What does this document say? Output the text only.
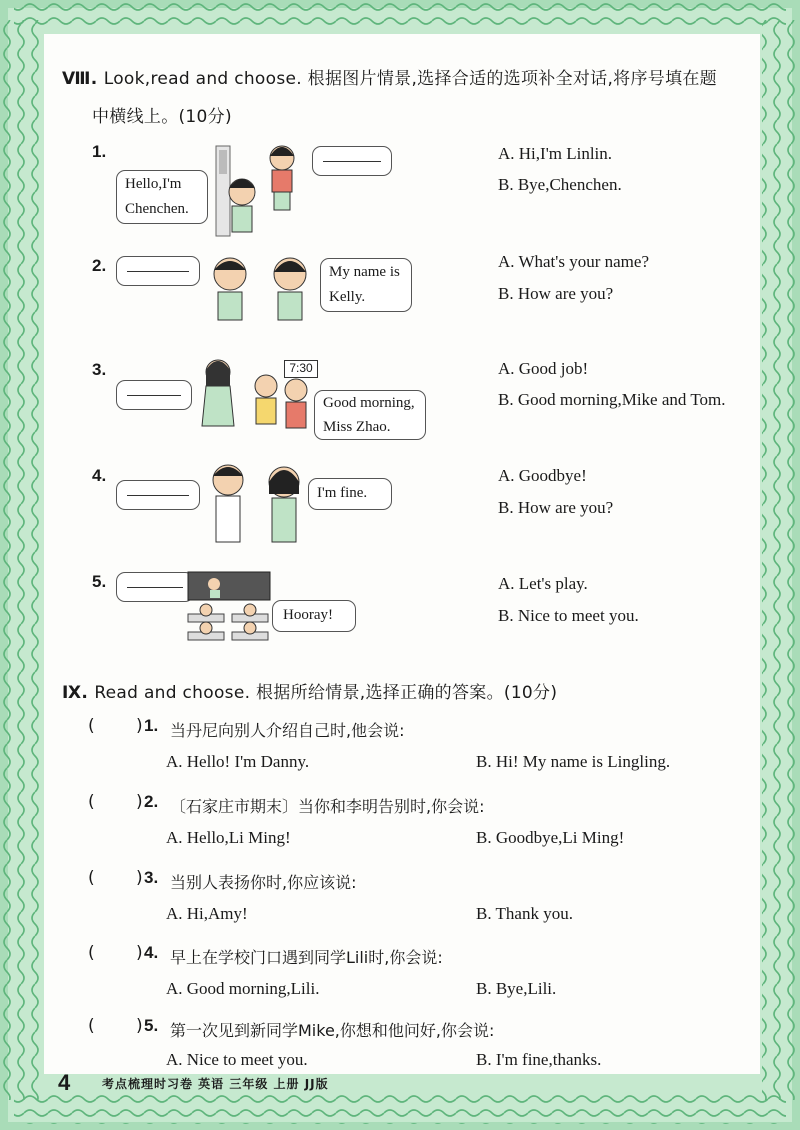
Ⅷ. Look,read and choose. 根据图片情景,选择合适的选项补全对话,将序号填在题
中横线上。(10分)
1.
Hello,I'm
Chenchen.
A. Hi,I'm Linlin.
B. Bye,Chenchen.
2.	My name is
Kelly.
A. What's your name?
B. How are you?
3.	7:30
Good morning,
Miss Zhao.
A. Good job!
B. Good morning,Mike and Tom.
4.
I'm fine.
A. Goodbye!
B. How are you?
5.
Hooray!
A. Let's play.
B. Nice to meet you.
Ⅸ. Read and choose. 根据所给情景,选择正确的答案。(10分)
( ) 1. 当丹尼向别人介绍自己时,他会说:
A. Hello! I'm Danny.	B. Hi! My name is Lingling.
( ) 2. 〔石家庄市期末〕当你和李明告别时,你会说:
A. Hello,Li Ming!	B. Goodbye,Li Ming!
( ) 3. 当别人表扬你时,你应该说:
A. Hi,Amy!	B. Thank you.
( ) 4. 早上在学校门口遇到同学Lili时,你会说:
A. Good morning,Lili.	B. Bye,Lili.
( ) 5. 第一次见到新同学Mike,你想和他问好,你会说:
A. Nice to meet you.	B. I'm fine,thanks.
4	考点梳理时习卷 英语 三年级 上册 JJ版
